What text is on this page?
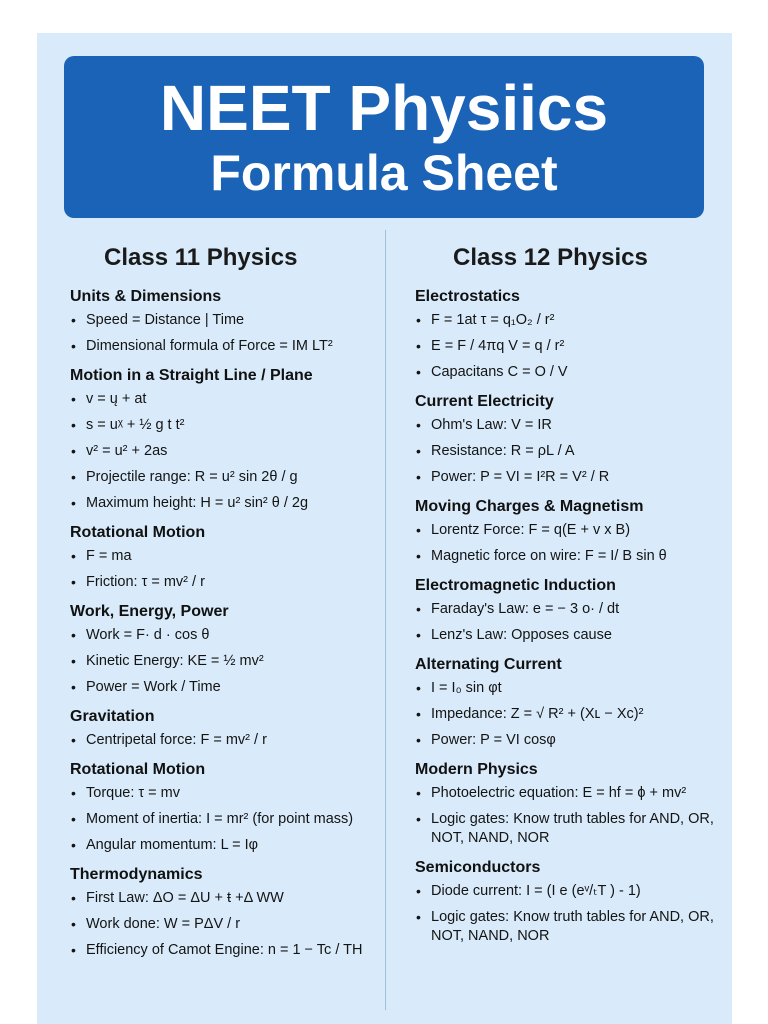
NEET Physiics
Formula Sheet
Class 11 Physics
Units & Dimensions
• Speed = Distance | Time
• Dimensional formula of Force = IM LT²
Motion in a Straight Line / Plane
• v = ų + at
• s = uᵡ + ½ g t t²
• v² = u² + 2as
• Projectile range: R = u² sin 2θ / g
• Maximum height: H = u² sin² θ / 2g
Rotational Motion
• F = ma
• Friction: τ = mv² / r
Work, Energy, Power
• Work = F· d · cos θ
• Kinetic Energy: KE = ½ mv²
• Power = Work / Time
Gravitation
• Centripetal force: F = mv² / r
Rotational Motion
• Torque: τ = mv
• Moment of inertia: I = mr² (for point mass)
• Angular momentum: L = Iφ
Thermodynamics
• First Law: ΔO = ΔU + ŧ +Δ WW
• Work done: W = PΔV / r
• Efficiency of Camot Engine: n = 1 − Tc / TH
Class 12 Physics
Electrostatics
• F = 1at τ = q₁O₂ / r²
• E = F / 4πq V = q / r²
• Capacitans C = O / V
Current Electricity
• Ohm's Law: V = IR
• Resistance: R = ρL / A
• Power: P = VI = I²R = V² / R
Moving Charges & Magnetism
• Lorentz Force: F = q(E + v x B)
• Magnetic force on wire: F = I/ B sin θ
Electromagnetic Induction
• Faraday's Law: e = − 3 o· / dt
• Lenz's Law: Opposes cause
Alternating Current
• I = I₀ sin φt
• Impedance: Z = √ R² + (Xʟ − Xc)²
• Power: P = VI cosφ
Modern Physics
• Photoelectric equation: E = hf = ϕ + mv²
• Logic gates: Know truth tables for AND, OR, NOT, NAND, NOR
Semiconductors
• Diode current: I = (I e (eᵛ/ₜT ) - 1)
• Logic gates: Know truth tables for AND, OR, NOT, NAND, NOR
